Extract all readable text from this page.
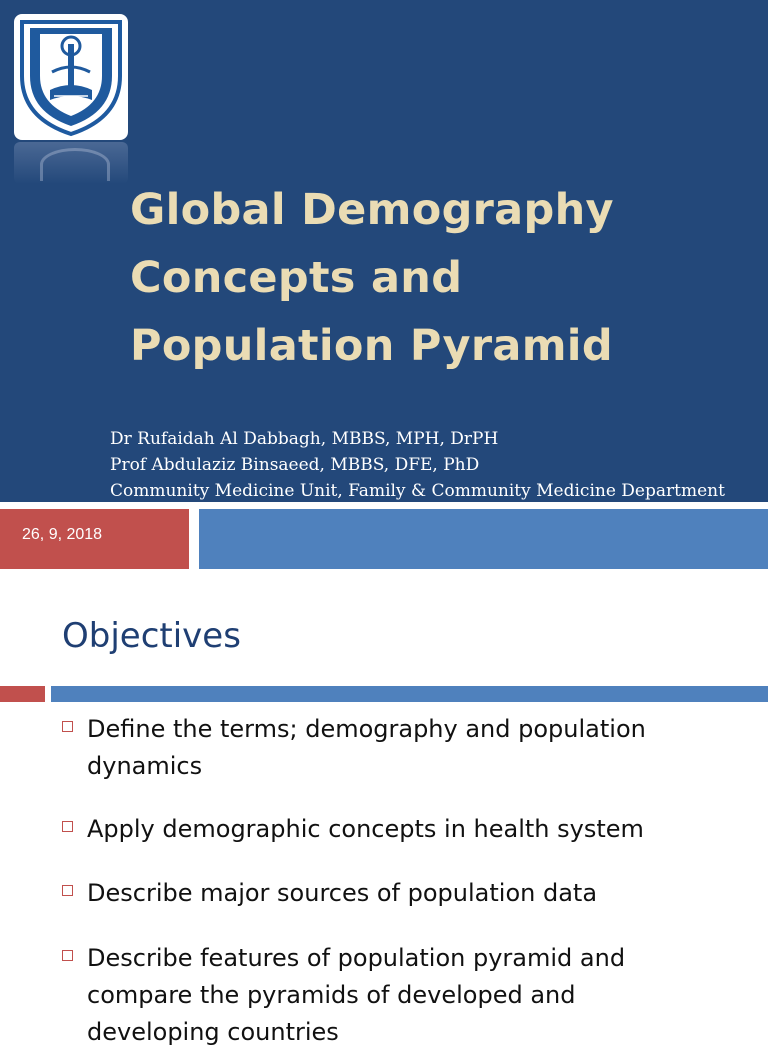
Global Demography
Concepts and
Population Pyramid
Dr Rufaidah Al Dabbagh, MBBS, MPH, DrPH
Prof Abdulaziz Binsaeed, MBBS, DFE, PhD
Community Medicine Unit, Family & Community Medicine Department
26, 9, 2018
Objectives
Define the terms; demography and population
dynamics
Apply demographic concepts in health system
Describe major sources of population data
Describe features of population pyramid and
compare the pyramids of developed and
developing countries
